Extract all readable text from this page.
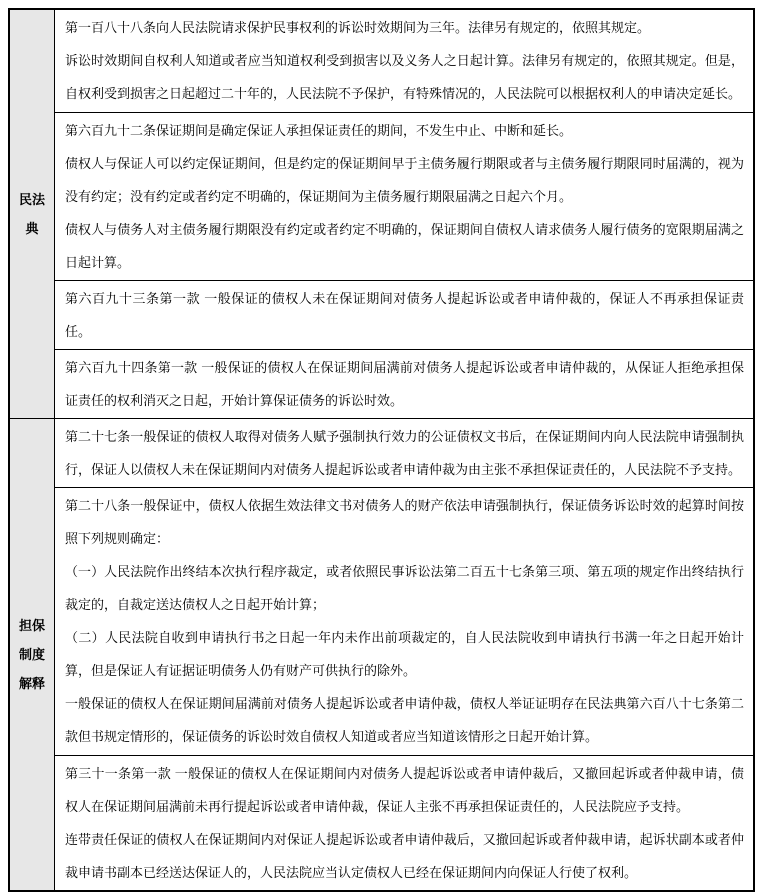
民法典	第一百八十八条向人民法院请求保护民事权利的诉讼时效期间为三年。法律另有规定的，依照其规定。

诉讼时效期间自权利人知道或者应当知道权利受到损害以及义务人之日起计算。法律另有规定的，依照其规定。但是，自权利受到损害之日起超过二十年的，人民法院不予保护，有特殊情况的，人民法院可以根据权利人的申请决定延长。

	第六百九十二条保证期间是确定保证人承担保证责任的期间，不发生中止、中断和延长。

债权人与保证人可以约定保证期间，但是约定的保证期间早于主债务履行期限或者与主债务履行期限同时届满的，视为没有约定；没有约定或者约定不明确的，保证期间为主债务履行期限届满之日起六个月。

债权人与债务人对主债务履行期限没有约定或者约定不明确的，保证期间自债权人请求债务人履行债务的宽限期届满之日起计算。

	第六百九十三条第一款 一般保证的债权人未在保证期间对债务人提起诉讼或者申请仲裁的，保证人不再承担保证责任。

	第六百九十四条第一款 一般保证的债权人在保证期间届满前对债务人提起诉讼或者申请仲裁的，从保证人拒绝承担保证责任的权利消灭之日起，开始计算保证债务的诉讼时效。

担保制度解释	第二十七条一般保证的债权人取得对债务人赋予强制执行效力的公证债权文书后，在保证期间内向人民法院申请强制执行，保证人以债权人未在保证期间内对债务人提起诉讼或者申请仲裁为由主张不承担保证责任的，人民法院不予支持。

	第二十八条一般保证中，债权人依据生效法律文书对债务人的财产依法申请强制执行，保证债务诉讼时效的起算时间按照下列规则确定：

（一）人民法院作出终结本次执行程序裁定，或者依照民事诉讼法第二百五十七条第三项、第五项的规定作出终结执行裁定的，自裁定送达债权人之日起开始计算；

（二）人民法院自收到申请执行书之日起一年内未作出前项裁定的，自人民法院收到申请执行书满一年之日起开始计算，但是保证人有证据证明债务人仍有财产可供执行的除外。

一般保证的债权人在保证期间届满前对债务人提起诉讼或者申请仲裁，债权人举证证明存在民法典第六百八十七条第二款但书规定情形的，保证债务的诉讼时效自债权人知道或者应当知道该情形之日起开始计算。

	第三十一条第一款 一般保证的债权人在保证期间内对债务人提起诉讼或者申请仲裁后，又撤回起诉或者仲裁申请，债权人在保证期间届满前未再行提起诉讼或者申请仲裁，保证人主张不再承担保证责任的，人民法院应予支持。

连带责任保证的债权人在保证期间内对保证人提起诉讼或者申请仲裁后，又撤回起诉或者仲裁申请，起诉状副本或者仲裁申请书副本已经送达保证人的，人民法院应当认定债权人已经在保证期间内向保证人行使了权利。
